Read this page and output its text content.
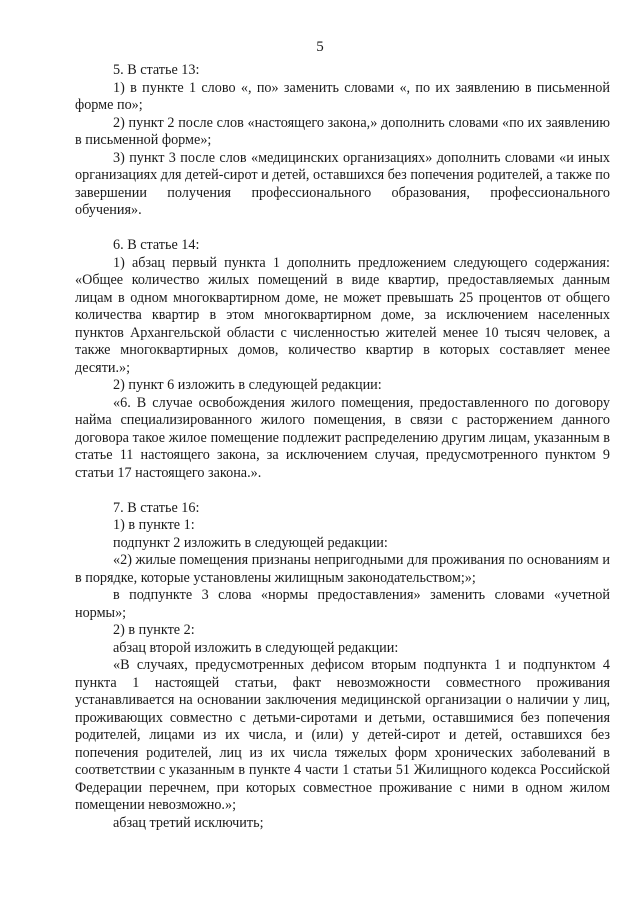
5

5. В статье 13:

1) в пункте 1 слово «, по» заменить словами «, по их заявлению в письменной форме по»;

2) пункт 2 после слов «настоящего закона,» дополнить словами «по их заявлению в письменной форме»;

3) пункт 3 после слов «медицинских организациях» дополнить словами «и иных организациях для детей-сирот и детей, оставшихся без попечения родителей, а также по завершении получения профессионального образования, профессионального обучения».

6. В статье 14:

1) абзац первый пункта 1 дополнить предложением следующего содержания: «Общее количество жилых помещений в виде квартир, предоставляемых данным лицам в одном многоквартирном доме, не может превышать 25 процентов от общего количества квартир в этом многоквартирном доме, за исключением населенных пунктов Архангельской области с численностью жителей менее 10 тысяч человек, а также многоквартирных домов, количество квартир в которых составляет менее десяти.»;

2) пункт 6 изложить в следующей редакции:

«6. В случае освобождения жилого помещения, предоставленного по договору найма специализированного жилого помещения, в связи с расторжением данного договора такое жилое помещение подлежит распределению другим лицам, указанным в статье 11 настоящего закона, за исключением случая, предусмотренного пунктом 9 статьи 17 настоящего закона.».

7. В статье 16:

1) в пункте 1:

подпункт 2 изложить в следующей редакции:

«2) жилые помещения признаны непригодными для проживания по основаниям и в порядке, которые установлены жилищным законодательством;»;

в подпункте 3 слова «нормы предоставления» заменить словами «учетной нормы»;

2) в пункте 2:

абзац второй изложить в следующей редакции:

«В случаях, предусмотренных дефисом вторым подпункта 1 и подпунктом 4 пункта 1 настоящей статьи, факт невозможности совместного проживания устанавливается на основании заключения медицинской организации о наличии у лиц, проживающих совместно с детьми-сиротами и детьми, оставшимися без попечения родителей, лицами из их числа, и (или) у детей-сирот и детей, оставшихся без попечения родителей, лиц из их числа тяжелых форм хронических заболеваний в соответствии с указанным в пункте 4 части 1 статьи 51 Жилищного кодекса Российской Федерации перечнем, при которых совместное проживание с ними в одном жилом помещении невозможно.»;

абзац третий исключить;
